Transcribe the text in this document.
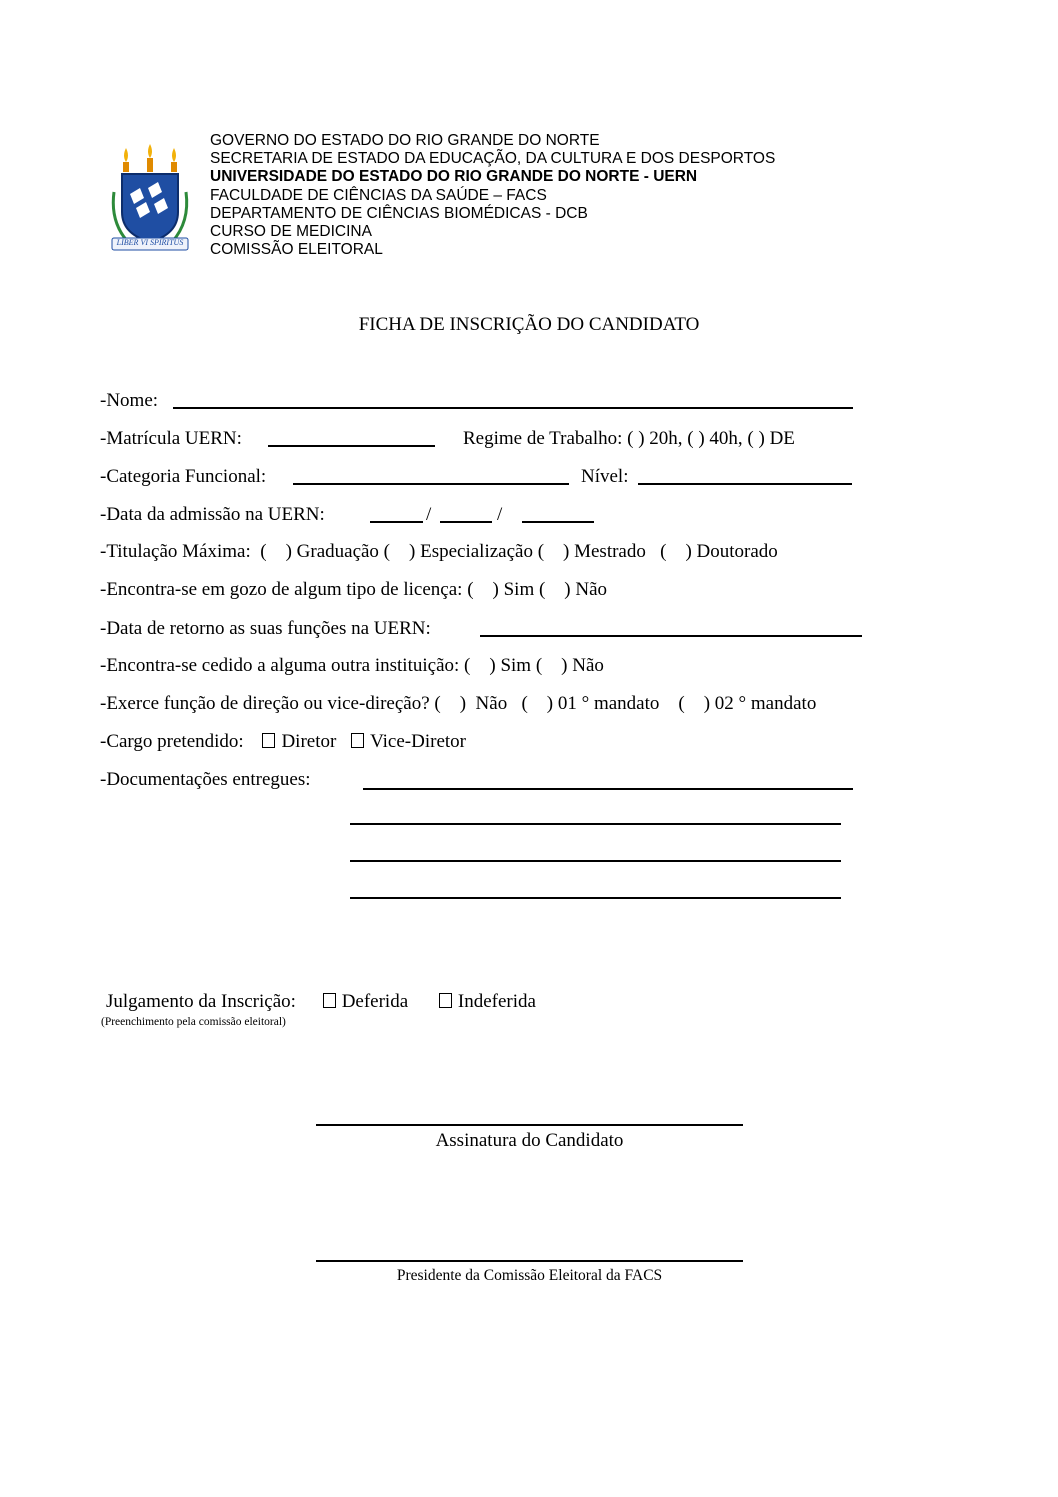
LIBER VI SPIRITUS
GOVERNO DO ESTADO DO RIO GRANDE DO NORTE
SECRETARIA DE ESTADO DA EDUCAÇÃO, DA CULTURA E DOS DESPORTOS
UNIVERSIDADE DO ESTADO DO RIO GRANDE DO NORTE - UERN
FACULDADE DE CIÊNCIAS DA SAÚDE – FACS
DEPARTAMENTO DE CIÊNCIAS BIOMÉDICAS - DCB
CURSO DE MEDICINA
COMISSÃO ELEITORAL
FICHA DE INSCRIÇÃO DO CANDIDATO
-Nome:
-Matrícula UERN:	Regime de Trabalho: ( ) 20h, ( ) 40h, ( ) DE
-Categoria Funcional:	Nível:
-Data da admissão na UERN:	/	/
-Titulação Máxima:  (    ) Graduação (    ) Especialização (    ) Mestrado   (    ) Doutorado
-Encontra-se em gozo de algum tipo de licença: (    ) Sim (    ) Não
-Data de retorno as suas funções na UERN:
-Encontra-se cedido a alguma outra instituição: (    ) Sim (    ) Não
-Exerce função de direção ou vice-direção? (    )  Não   (    ) 01 ° mandato    (    ) 02 ° mandato
-Cargo pretendido: Diretor Vice-Diretor
-Documentações entregues:
Julgamento da Inscrição: Deferida	Indeferida
(Preenchimento pela comissão eleitoral)
Assinatura do Candidato
Presidente da Comissão Eleitoral da FACS
